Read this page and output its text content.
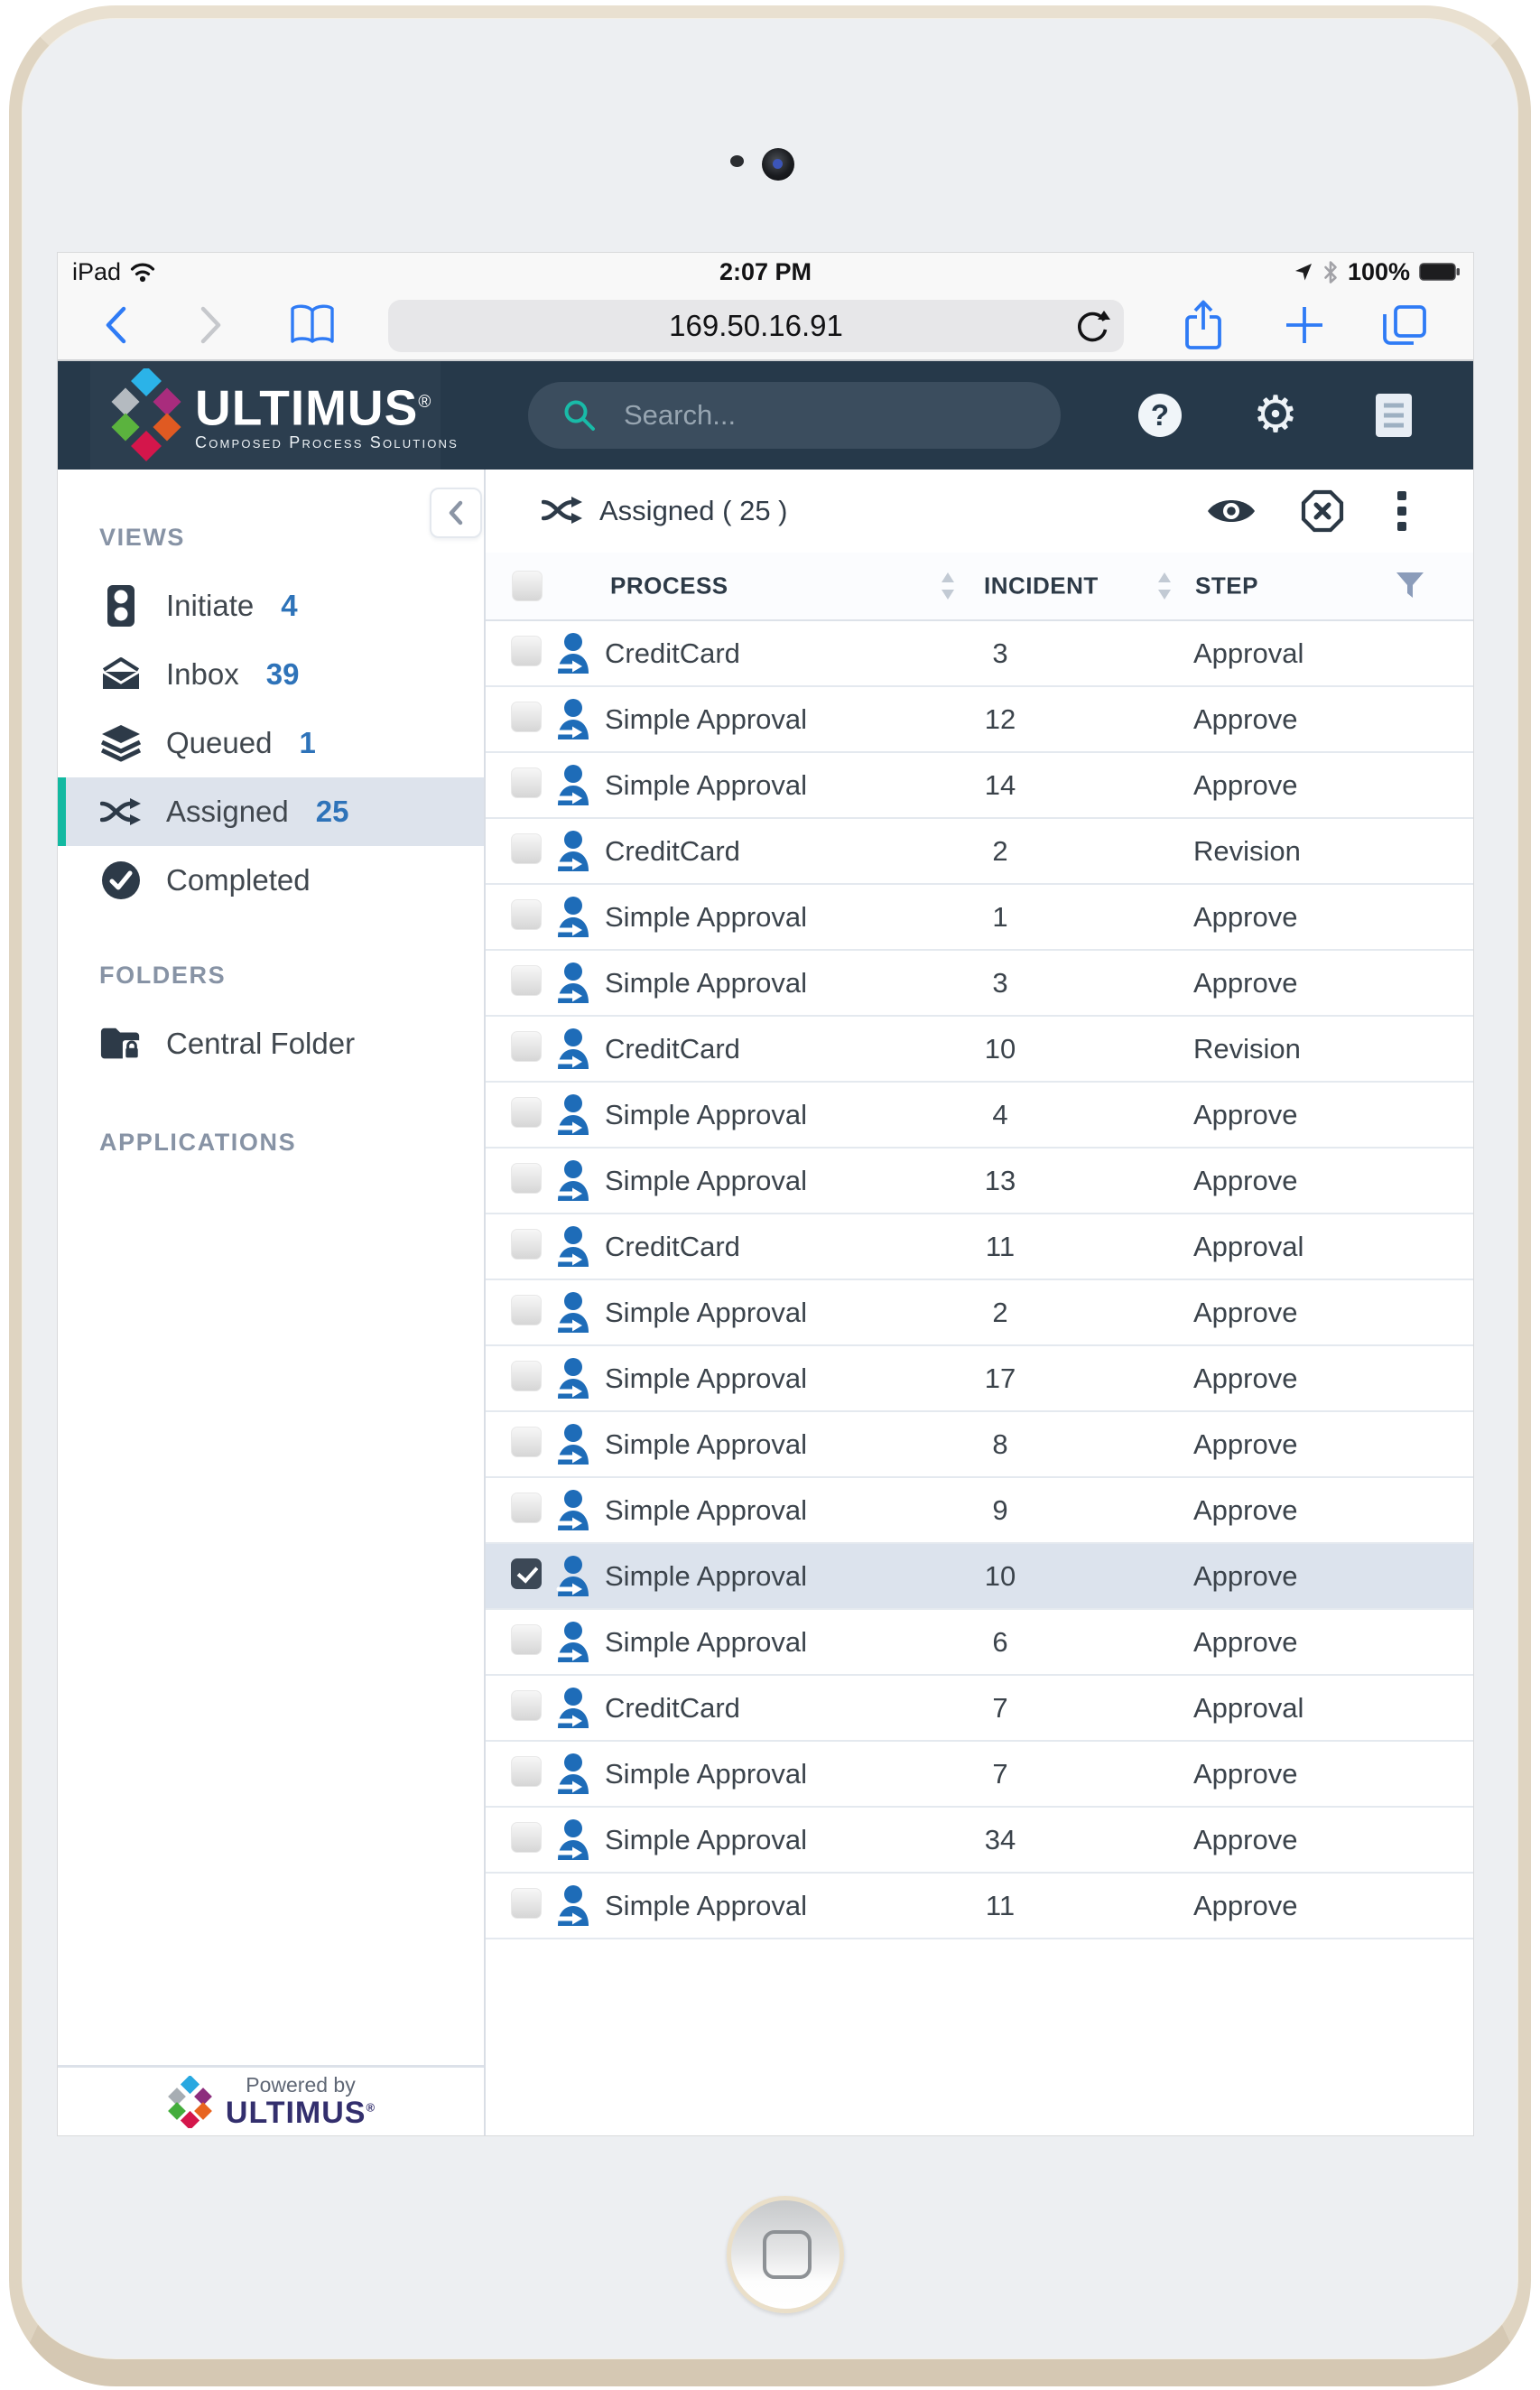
iPad	2:07 PM	100%
169.50.16.91
ULTIMUS®
Composed Process Solutions
Search...	? ⚙
VIEWS
Initiate 4
Inbox 39
Queued 1
Assigned 25
Completed
FOLDERS
Central Folder
APPLICATIONS
Powered by
ULTIMUS®
Assigned ( 25 )
PROCESS	INCIDENT	STEP
CreditCard	3	Approval
Simple Approval	12	Approve
Simple Approval	14	Approve
CreditCard	2	Revision
Simple Approval	1	Approve
Simple Approval	3	Approve
CreditCard	10	Revision
Simple Approval	4	Approve
Simple Approval	13	Approve
CreditCard	11	Approval
Simple Approval	2	Approve
Simple Approval	17	Approve
Simple Approval	8	Approve
Simple Approval	9	Approve
Simple Approval	10	Approve
Simple Approval	6	Approve
CreditCard	7	Approval
Simple Approval	7	Approve
Simple Approval	34	Approve
Simple Approval	11	Approve
